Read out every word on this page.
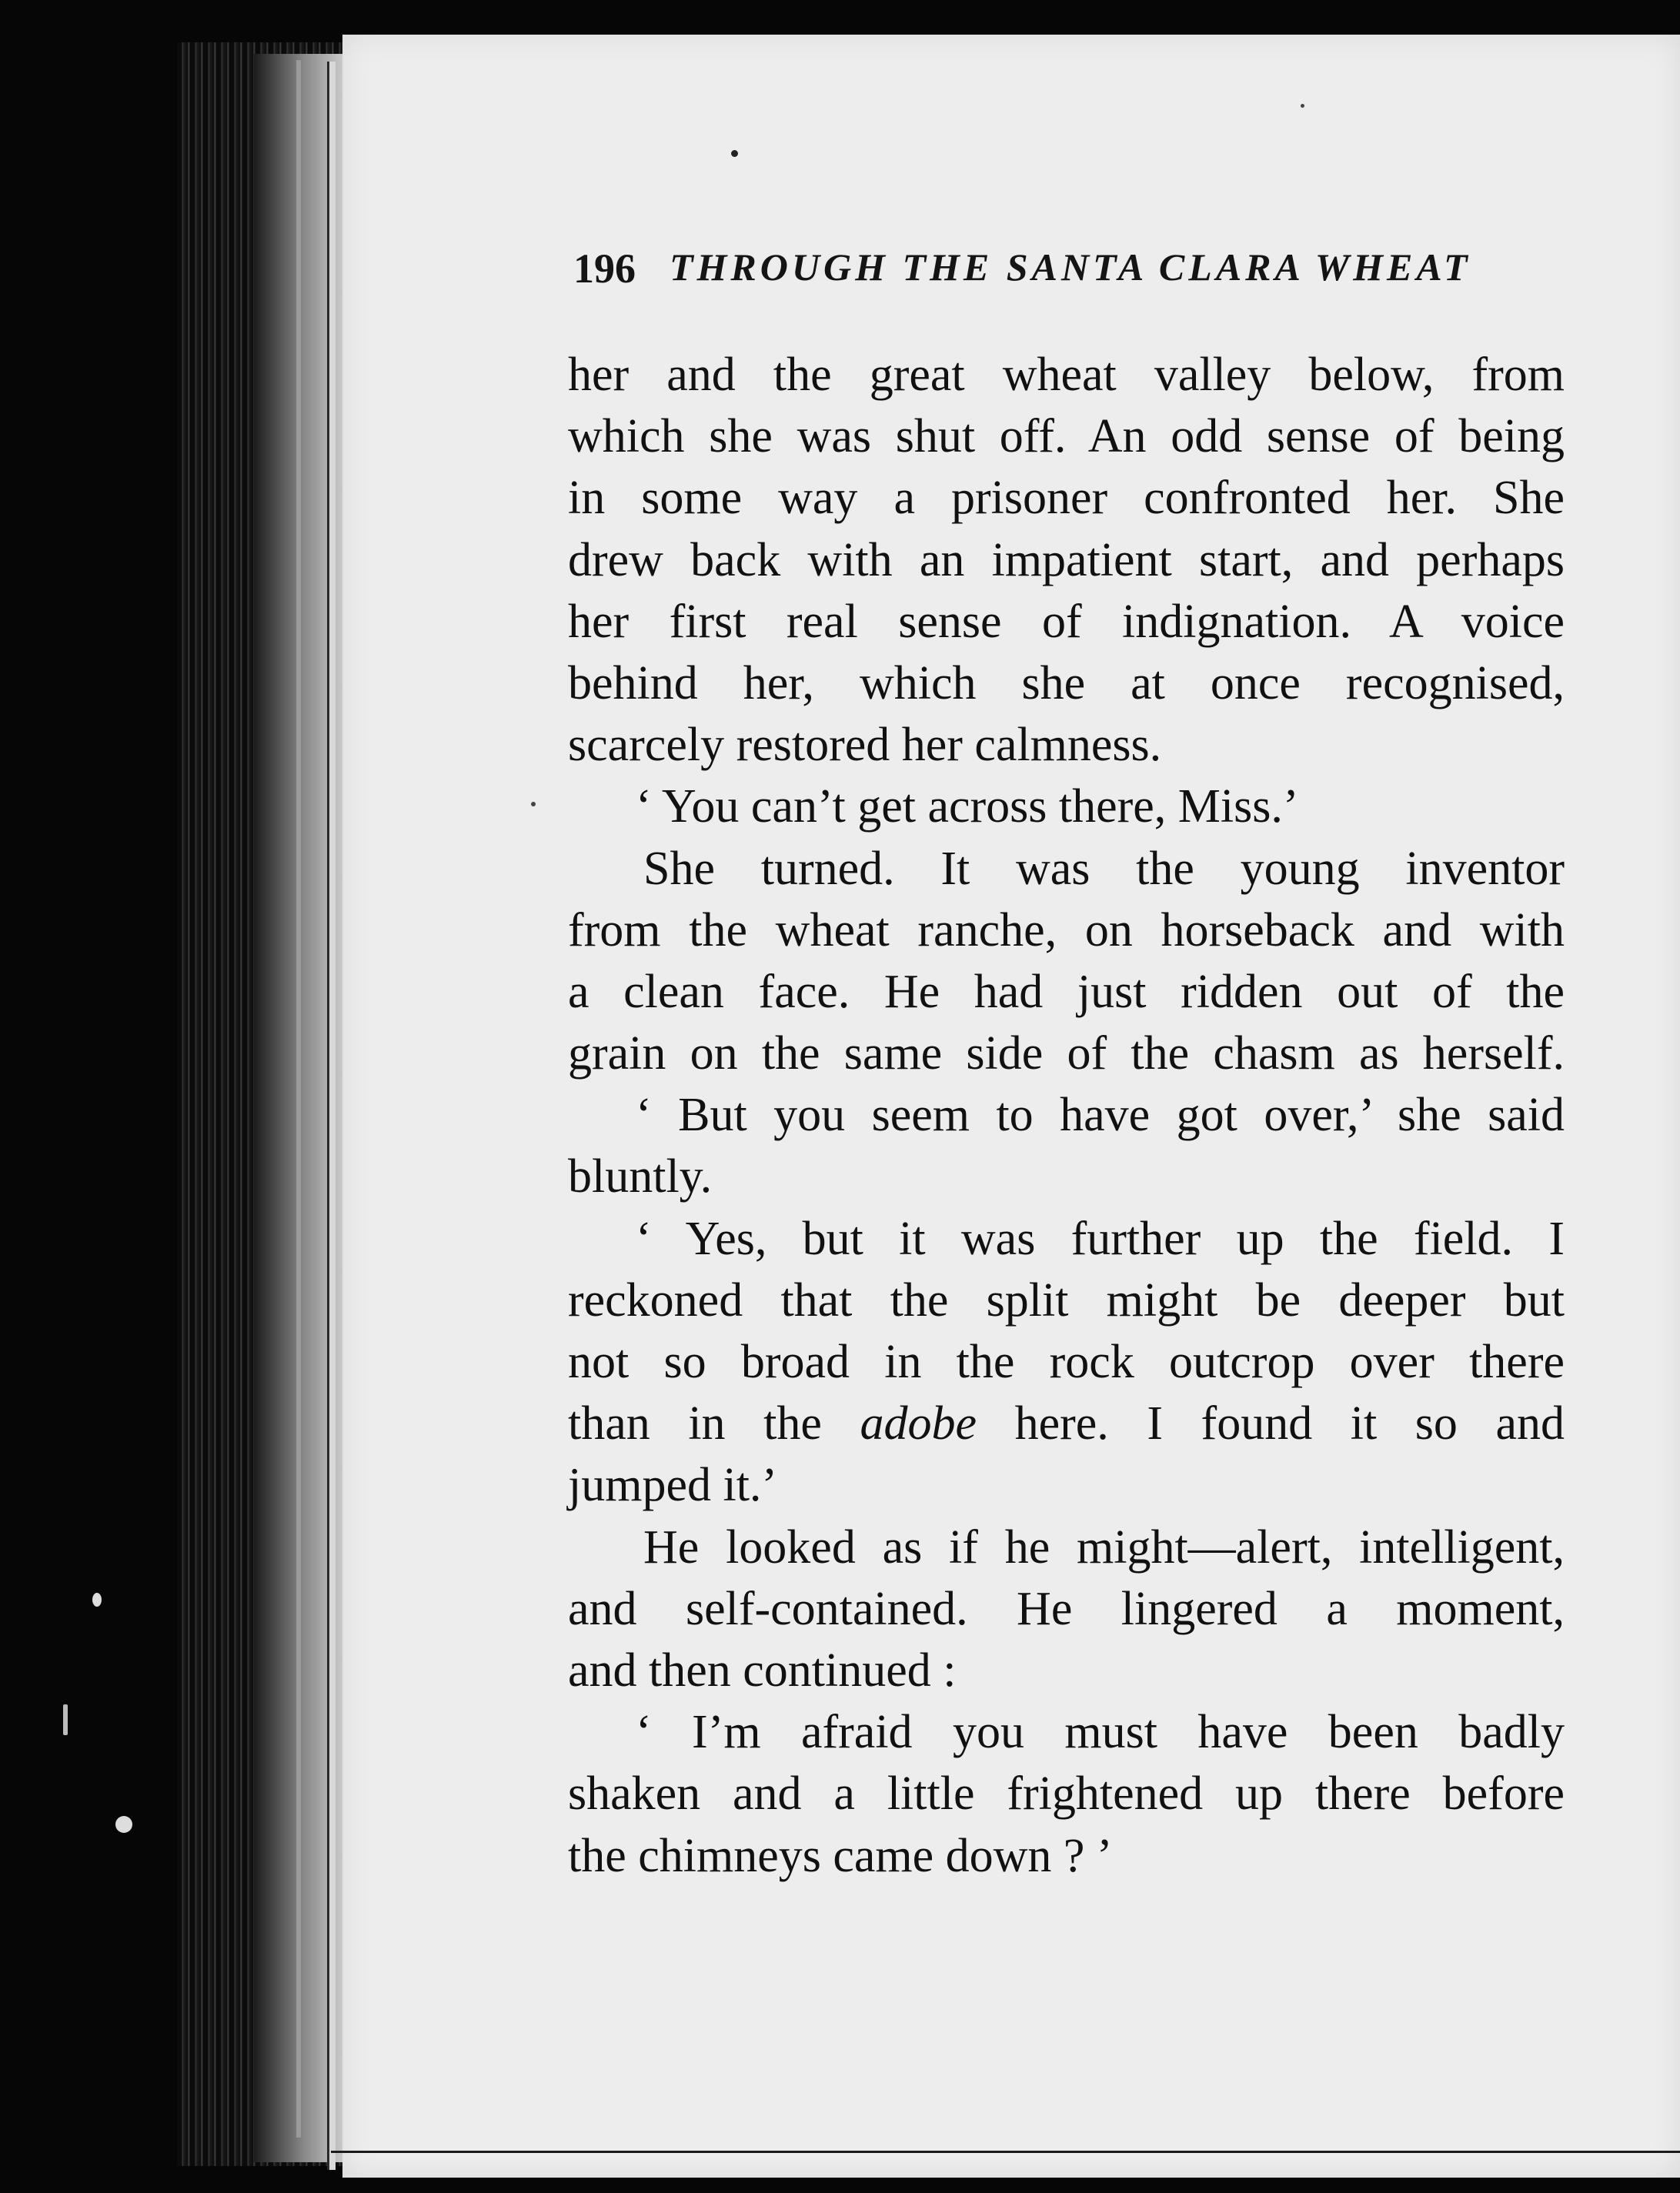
196 THROUGH THE SANTA CLARA WHEAT
her and the great wheat valley below, from
which she was shut off. An odd sense of being
in some way a prisoner confronted her. She
drew back with an impatient start, and perhaps
her first real sense of indignation. A voice
behind her, which she at once recognised,
scarcely restored her calmness.
‘ You can’t get across there, Miss.’
She turned. It was the young inventor
from the wheat ranche, on horseback and with
a clean face. He had just ridden out of the
grain on the same side of the chasm as herself.
‘ But you seem to have got over,’ she said
bluntly.
‘ Yes, but it was further up the field. I
reckoned that the split might be deeper but
not so broad in the rock outcrop over there
than in the adobe here. I found it so and
jumped it.’
He looked as if he might—alert, intelligent,
and self-contained. He lingered a moment,
and then continued :
‘ I’m afraid you must have been badly
shaken and a little frightened up there before
the chimneys came down ? ’
